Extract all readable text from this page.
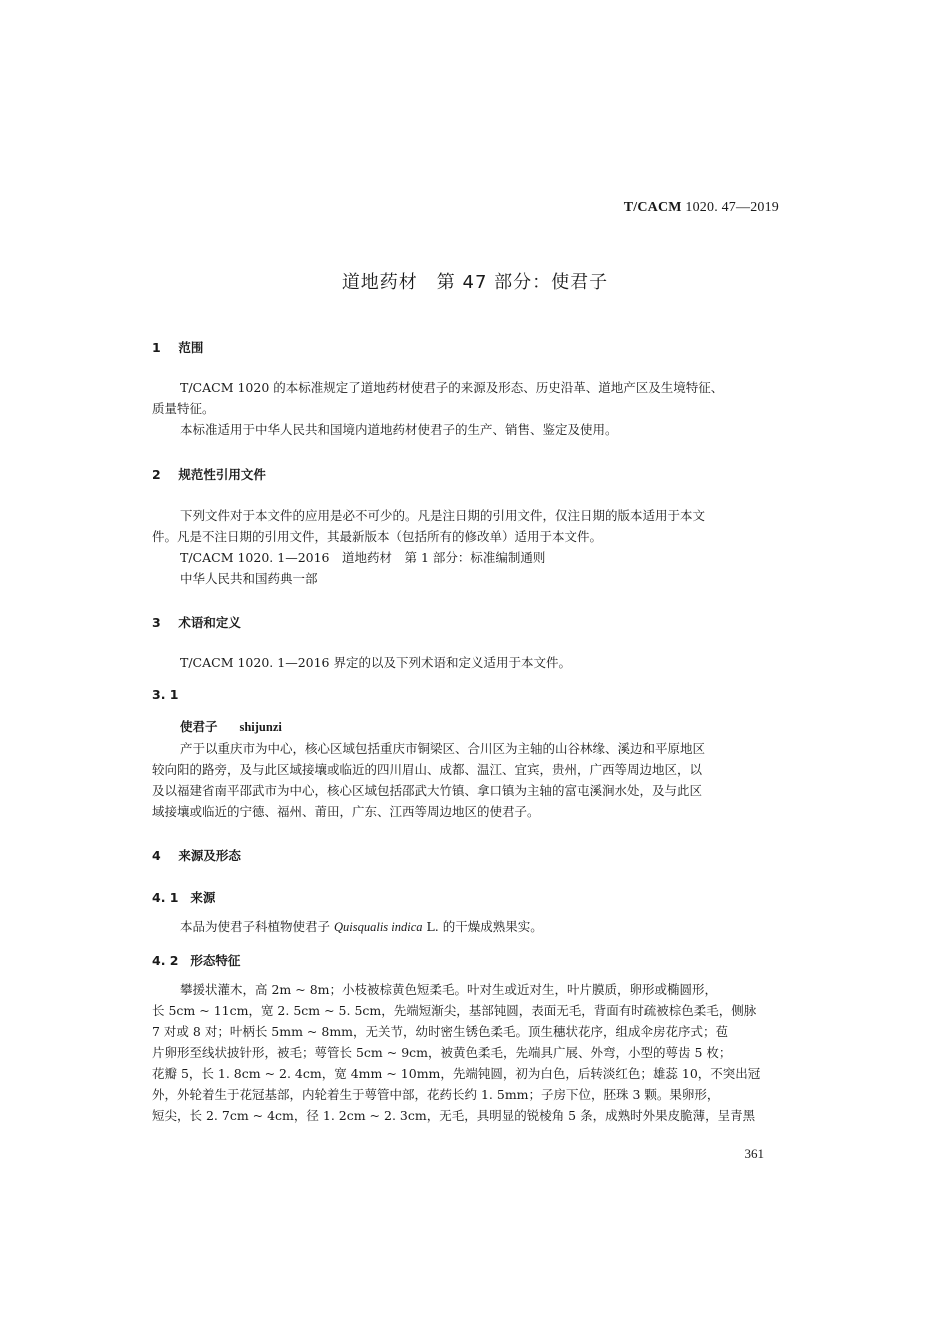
T/CACM 1020. 47—2019
道地药材　第 47 部分：使君子
1 范围
T/CACM 1020 的本标准规定了道地药材使君子的来源及形态、历史沿革、道地产区及生境特征、
质量特征。
本标准适用于中华人民共和国境内道地药材使君子的生产、销售、鉴定及使用。
2 规范性引用文件
下列文件对于本文件的应用是必不可少的。凡是注日期的引用文件，仅注日期的版本适用于本文
件。凡是不注日期的引用文件，其最新版本（包括所有的修改单）适用于本文件。
T/CACM 1020. 1—2016　道地药材　第 1 部分：标准编制通则
中华人民共和国药典一部
3 术语和定义
T/CACM 1020. 1—2016 界定的以及下列术语和定义适用于本文件。
3. 1
使君子 shijunzi
产于以重庆市为中心，核心区域包括重庆市铜梁区、合川区为主轴的山谷林缘、溪边和平原地区
较向阳的路旁，及与此区域接壤或临近的四川眉山、成都、温江、宜宾，贵州，广西等周边地区，以
及以福建省南平邵武市为中心，核心区域包括邵武大竹镇、拿口镇为主轴的富屯溪涧水处，及与此区
域接壤或临近的宁德、福州、莆田，广东、江西等周边地区的使君子。
4 来源及形态
4. 1 来源
本品为使君子科植物使君子 Quisqualis indica L. 的干燥成熟果实。
4. 2 形态特征
攀援状灌木，高 2m ~ 8m；小枝被棕黄色短柔毛。叶对生或近对生，叶片膜质，卵形或椭圆形，
长 5cm ~ 11cm，宽 2. 5cm ~ 5. 5cm，先端短渐尖，基部钝圆，表面无毛，背面有时疏被棕色柔毛，侧脉
7 对或 8 对；叶柄长 5mm ~ 8mm，无关节，幼时密生锈色柔毛。顶生穗状花序，组成伞房花序式；苞
片卵形至线状披针形，被毛；萼管长 5cm ~ 9cm，被黄色柔毛，先端具广展、外弯，小型的萼齿 5 枚；
花瓣 5，长 1. 8cm ~ 2. 4cm，宽 4mm ~ 10mm，先端钝圆，初为白色，后转淡红色；雄蕊 10，不突出冠
外，外轮着生于花冠基部，内轮着生于萼管中部，花药长约 1. 5mm；子房下位，胚珠 3 颗。果卵形，
短尖，长 2. 7cm ~ 4cm，径 1. 2cm ~ 2. 3cm，无毛，具明显的锐棱角 5 条，成熟时外果皮脆薄，呈青黑
361
